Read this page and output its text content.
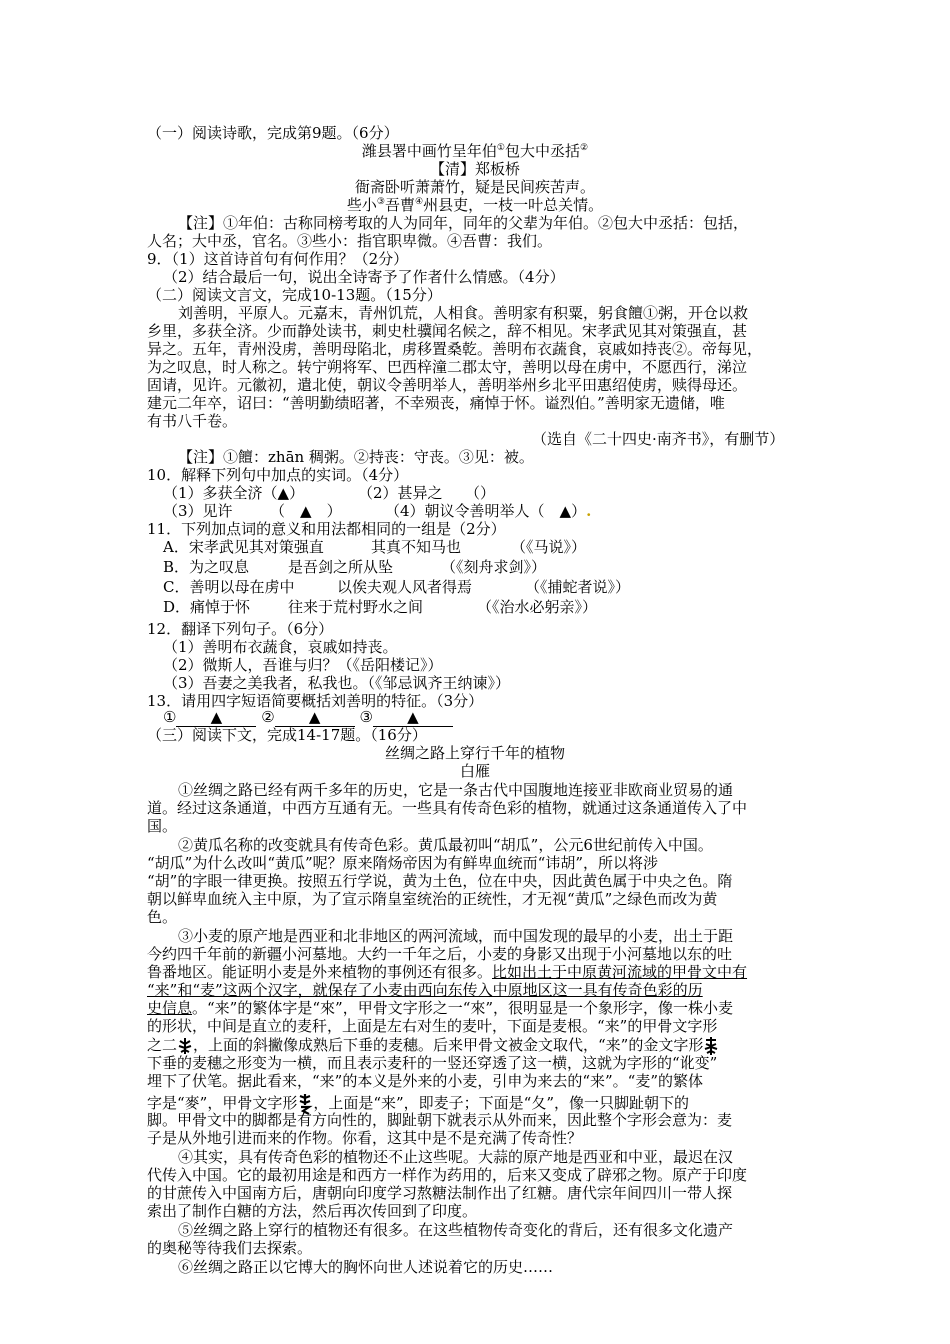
（一）阅读诗歌，完成第9题。（6分）
潍县署中画竹呈年伯①包大中丞括②
【清】郑板桥
衙斋卧听萧萧竹，疑是民间疾苦声。
些小③吾曹④州县吏，一枝一叶总关情。
【注】①年伯：古称同榜考取的人为同年，同年的父辈为年伯。②包大中丞括：包括，
人名；大中丞，官名。③些小：指官职卑微。④吾曹：我们。
9．（1）这首诗首句有何作用？（2分）
（2）结合最后一句，说出全诗寄予了作者什么情感。（4分）
（二）阅读文言文，完成10-13题。（15分）
刘善明，平原人。元嘉末，青州饥荒，人相食。善明家有积粟，躬食饘①粥，开仓以救
乡里，多获全济。少而静处读书，刺史杜骥闻名候之，辞不相见。宋孝武见其对策强直，甚
异之。五年，青州没虏，善明母陷北，虏移置桑乾。善明布衣蔬食，哀戚如持丧②。帝每见，
为之叹息，时人称之。转宁朔将军、巴西梓潼二郡太守，善明以母在虏中，不愿西行，涕泣
固请，见许。元徽初，遣北使，朝议令善明举人，善明举州乡北平田惠绍使虏，赎得母还。
建元二年卒，诏曰：“善明勤绩昭著，不幸殒丧，痛悼于怀。谥烈伯。”善明家无遗储，唯
有书八千卷。
（选自《二十四史·南齐书》，有删节）
【注】①饘：zhān 稠粥。②持丧：守丧。③见：被。
10．解释下列句中加点的实词。（4分）
（1）多获全济（▲）	（2）甚异之　　（）
（3）见许　　　（　▲　）	（4）朝议令善明举人（　▲）.
11．下列加点词的意义和用法都相同的一组是（2分）
A．宋孝武见其对策强直	其真不知马也	（《马说》）
B．为之叹息	是吾剑之所从坠	（《刻舟求剑》）
C．善明以母在虏中	以俟夫观人风者得焉	（《捕蛇者说》）
D．痛悼于怀	往来于荒村野水之间	（《治水必躬亲》）
12．翻译下列句子。（6分）
（1）善明布衣蔬食，哀戚如持丧。
（2）微斯人，吾谁与归？（《岳阳楼记》）
（3）吾妻之美我者，私我也。（《邹忌讽齐王纳谏》）
13．请用四字短语简要概括刘善明的特征。（3分）
① ▲	② ▲	③ ▲
（三）阅读下文，完成14-17题。（16分）
丝绸之路上穿行千年的植物
白雁
①丝绸之路已经有两千多年的历史，它是一条古代中国腹地连接亚非欧商业贸易的通
道。经过这条通道，中西方互通有无。一些具有传奇色彩的植物，就通过这条通道传入了中
国。
②黄瓜名称的改变就具有传奇色彩。黄瓜最初叫“胡瓜”，公元6世纪前传入中国。
“胡瓜”为什么改叫“黄瓜”呢？原来隋炀帝因为有鲜卑血统而“讳胡”，所以将涉
“胡”的字眼一律更换。按照五行学说，黄为土色，位在中央，因此黄色属于中央之色。隋
朝以鲜卑血统入主中原，为了宣示隋皇室统治的正统性，才无视“黄瓜”之绿色而改为黄
色。
③小麦的原产地是西亚和北非地区的两河流域，而中国发现的最早的小麦，出土于距
今约四千年前的新疆小河墓地。大约一千年之后，小麦的身影又出现于小河墓地以东的吐
鲁番地区。能证明小麦是外来植物的事例还有很多。比如出土于中原黄河流域的甲骨文中有
“来”和“麦”这两个汉字，就保存了小麦由西向东传入中原地区这一具有传奇色彩的历
史信息。“来”的繁体字是“來”，甲骨文字形之一“來”，很明显是一个象形字，像一株小麦
的形状，中间是直立的麦秆，上面是左右对生的麦叶，下面是麦根。“来”的甲骨文字形
之二 ，上面的斜撇像成熟后下垂的麦穗。后来甲骨文被金文取代，“来”的金文字形
下垂的麦穗之形变为一横，而且表示麦秆的一竖还穿透了这一横，这就为字形的“讹变”
埋下了伏笔。据此看来，“来”的本义是外来的小麦，引申为来去的“来”。“麦”的繁体
字是“麥”，甲骨文字形 ，上面是“来”，即麦子；下面是“夂”，像一只脚趾朝下的
脚。甲骨文中的脚都是有方向性的，脚趾朝下就表示从外而来，因此整个字形会意为：麦
子是从外地引进而来的作物。你看，这其中是不是充满了传奇性？
④其实，具有传奇色彩的植物还不止这些呢。大蒜的原产地是西亚和中亚，最迟在汉
代传入中国。它的最初用途是和西方一样作为药用的，后来又变成了辟邪之物。原产于印度
的甘蔗传入中国南方后，唐朝向印度学习熬糖法制作出了红糖。唐代宗年间四川一带人探
索出了制作白糖的方法，然后再次传回到了印度。
⑤丝绸之路上穿行的植物还有很多。在这些植物传奇变化的背后，还有很多文化遗产
的奥秘等待我们去探索。
⑥丝绸之路正以它博大的胸怀向世人述说着它的历史……
